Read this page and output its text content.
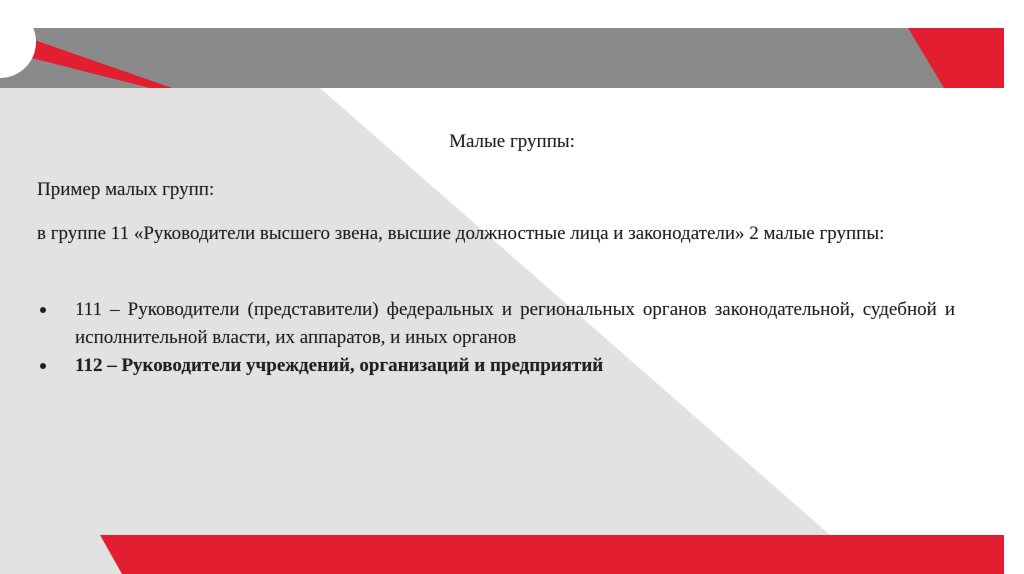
Малые группы:
Пример малых групп:
в группе 11 «Руководители высшего звена, высшие должностные лица и законодатели» 2 малые группы:
111 – Руководители (представители) федеральных и региональных органов законодательной, судебной и исполнительной власти, их аппаратов, и иных органов
112 – Руководители учреждений, организаций и предприятий
